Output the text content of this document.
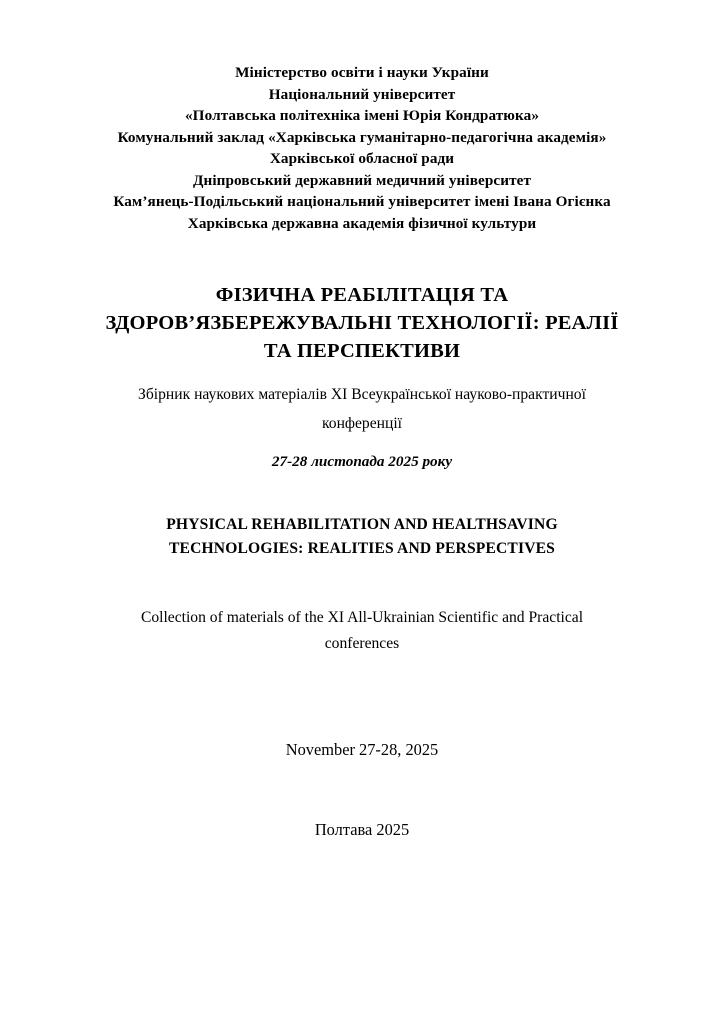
Міністерство освіти і науки України
Національний університет
«Полтавська політехніка імені Юрія Кондратюка»
Комунальний заклад «Харківська гуманітарно-педагогічна академія»
Харківської обласної ради
Дніпровський державний медичний університет
Кам’янець-Подільський національний університет імені Івана Огієнка
Харківська державна академія фізичної культури
ФІЗИЧНА РЕАБІЛІТАЦІЯ ТА
ЗДОРОВ’ЯЗБЕРЕЖУВАЛЬНІ ТЕХНОЛОГІЇ: РЕАЛІЇ
ТА ПЕРСПЕКТИВИ
Збірник наукових матеріалів ХІ Всеукраїнської науково-практичної
конференції
27-28 листопада 2025 року
PHYSICAL REHABILITATION AND HEALTHSAVING
TECHNOLOGIES: REALITIES AND PERSPECTIVES
Collection of materials of the XI All-Ukrainian Scientific and Practical
conferences
November 27-28, 2025
Полтава 2025
